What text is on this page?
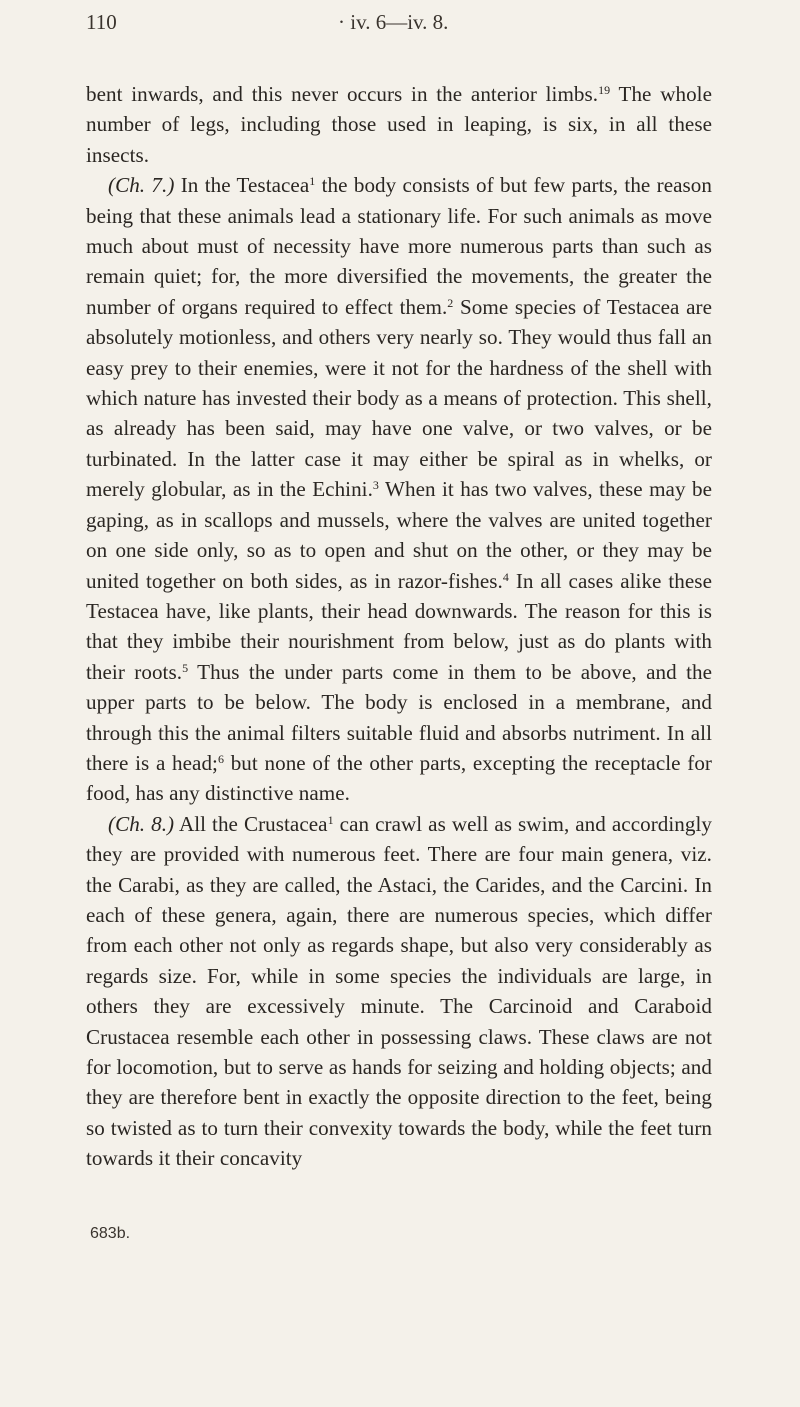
110	· iv. 6—iv. 8.

bent inwards, and this never occurs in the anterior limbs.$^{19}$ The whole number of legs, including those used in leaping, is six, in all these insects.

(Ch. 7.) In the Testacea$^1$ the body consists of but few parts, the reason being that these animals lead a stationary life. For such animals as move much about must of necessity have more numerous parts than such as remain quiet; for, the more diversified the movements, the greater the number of organs required to effect them.$^2$ Some species of Testacea are absolutely motionless, and others very nearly so. They would thus fall an easy prey to their enemies, were it not for the hardness of the shell with which nature has invested their body as a means of protection. This shell, as already has been said, may have one valve, or two valves, or be turbinated. In the latter case it may either be spiral as in whelks, or merely globular, as in the Echini.$^3$ When it has two valves, these may be gaping, as in scallops and mussels, where the valves are united together on one side only, so as to open and shut on the other, or they may be united together on both sides, as in razor-fishes.$^4$ In all cases alike these Testacea have, like plants, their head downwards. The reason for this is that they imbibe their nourishment from below, just as do plants with their roots.$^5$ Thus the under parts come in them to be above, and the upper parts to be below. The body is enclosed in a membrane, and through this the animal filters suitable fluid and absorbs nutriment. In all there is a head;$^6$ but none of the other parts, excepting the receptacle for food, has any distinctive name.

(Ch. 8.) All the Crustacea$^1$ can crawl as well as swim, and accordingly they are provided with numerous feet. There are four main genera, viz. the Carabi, as they are called, the Astaci, the Carides, and the Carcini. In each of these genera, again, there are numerous species, which differ from each other not only as regards shape, but also very considerably as regards size. For, while in some species the individuals are large, in others they are excessively minute. The Carcinoid and Caraboid Crustacea resemble each other in possessing claws. These claws are not for locomotion, but to serve as hands for seizing and holding objects; and they are therefore bent in exactly the opposite direction to the feet, being so twisted as to turn their convexity towards the body, while the feet turn towards it their concavity

683b.
